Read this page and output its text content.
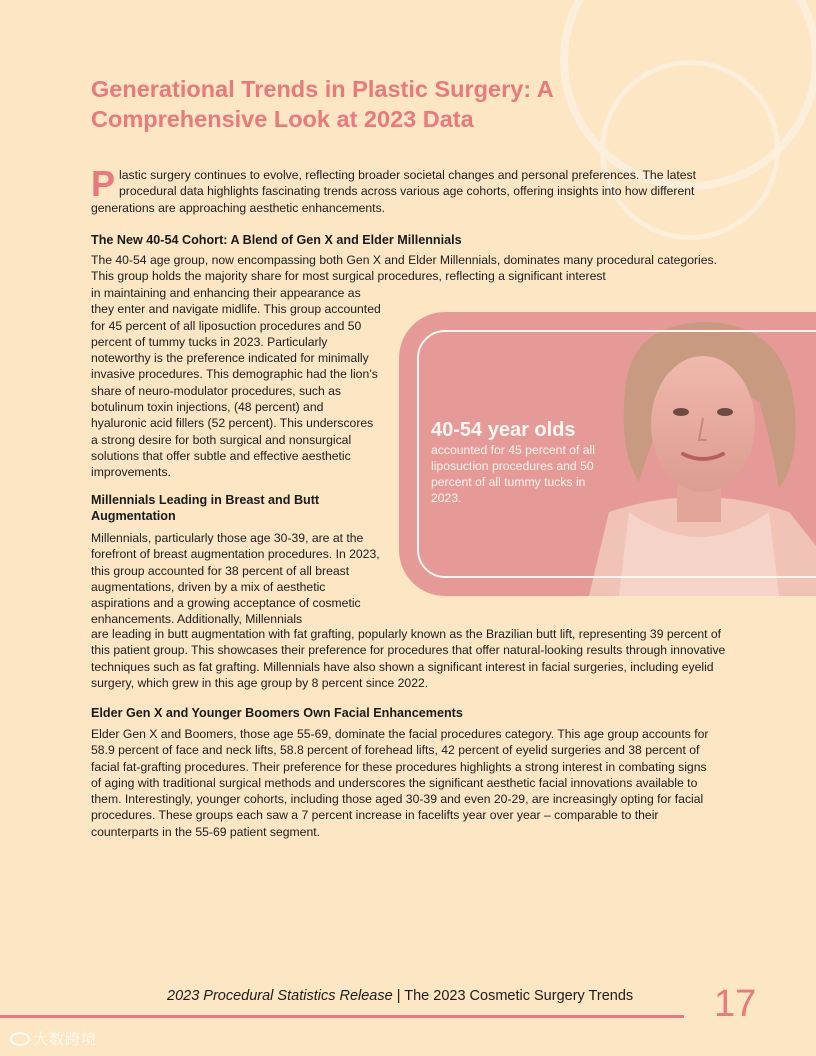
Generational Trends in Plastic Surgery: A Comprehensive Look at 2023 Data

Plastic surgery continues to evolve, reflecting broader societal changes and personal preferences. The latest procedural data highlights fascinating trends across various age cohorts, offering insights into how different generations are approaching aesthetic enhancements.

The New 40-54 Cohort: A Blend of Gen X and Elder Millennials

The 40-54 age group, now encompassing both Gen X and Elder Millennials, dominates many procedural categories. This group holds the majority share for most surgical procedures, reflecting a significant interest

in maintaining and enhancing their appearance as they enter and navigate midlife. This group accounted for 45 percent of all liposuction procedures and 50 percent of tummy tucks in 2023. Particularly noteworthy is the preference indicated for minimally invasive procedures. This demographic had the lion’s share of neuro-modulator procedures, such as botulinum toxin injections, (48 percent) and hyaluronic acid fillers (52 percent). This underscores a strong desire for both surgical and nonsurgical solutions that offer subtle and effective aesthetic improvements.

40-54 year olds
accounted for 45 percent of all liposuction procedures and 50 percent of all tummy tucks in 2023.
Millennials Leading in Breast and Butt Augmentation

Millennials, particularly those age 30-39, are at the forefront of breast augmentation procedures. In 2023, this group accounted for 38 percent of all breast augmentations, driven by a mix of aesthetic aspirations and a growing acceptance of cosmetic enhancements. Additionally, Millennials

are leading in butt augmentation with fat grafting, popularly known as the Brazilian butt lift, representing 39 percent of this patient group. This showcases their preference for procedures that offer natural-looking results through innovative techniques such as fat grafting. Millennials have also shown a significant interest in facial surgeries, including eyelid surgery, which grew in this age group by 8 percent since 2022.

Elder Gen X and Younger Boomers Own Facial Enhancements

Elder Gen X and Boomers, those age 55-69, dominate the facial procedures category. This age group accounts for 58.9 percent of face and neck lifts, 58.8 percent of forehead lifts, 42 percent of eyelid surgeries and 38 percent of facial fat-grafting procedures. Their preference for these procedures highlights a strong interest in combating signs of aging with traditional surgical methods and underscores the significant aesthetic facial innovations available to them. Interestingly, younger cohorts, including those aged 30-39 and even 20-29, are increasingly opting for facial procedures. These groups each saw a 7 percent increase in facelifts year over year – comparable to their counterparts in the 55-69 patient segment.

2023 Procedural Statistics Release | The 2023 Cosmetic Surgery Trends	17
大数跨境
